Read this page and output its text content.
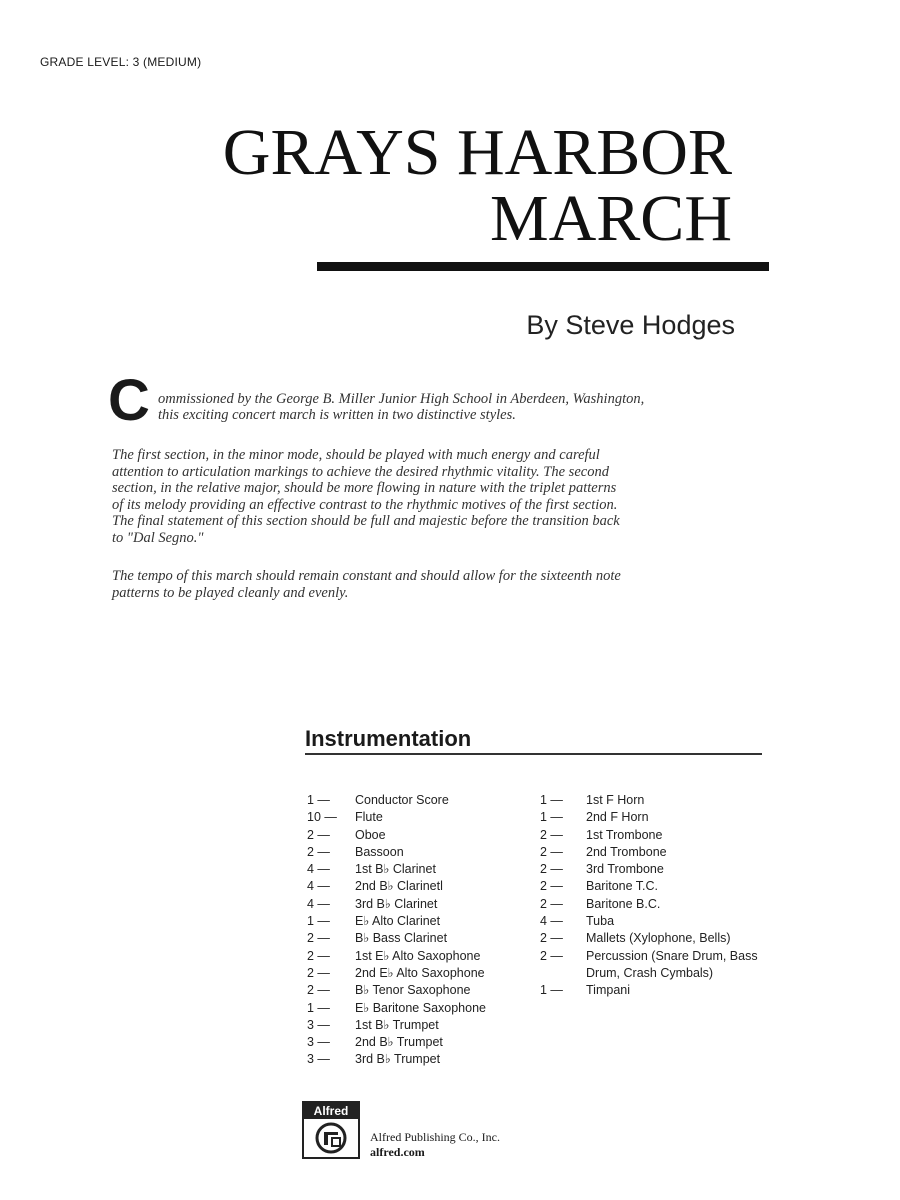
GRADE LEVEL: 3 (MEDIUM)
GRAYS HARBOR
MARCH
By Steve Hodges
C ommissioned by the George B. Miller Junior High School in Aberdeen, Washington,
this exciting concert march is written in two distinctive styles.
The first section, in the minor mode, should be played with much energy and careful
attention to articulation markings to achieve the desired rhythmic vitality. The second
section, in the relative major, should be more flowing in nature with the triplet patterns
of its melody providing an effective contrast to the rhythmic motives of the first section.
The final statement of this section should be full and majestic before the transition back
to "Dal Segno."
The tempo of this march should remain constant and should allow for the sixteenth note
patterns to be played cleanly and evenly.
Instrumentation
1 —	Conductor Score
10 —	Flute
2 —	Oboe
2 —	Bassoon
4 —	1st B♭ Clarinet
4 —	2nd B♭ Clarinetl
4 —	3rd B♭ Clarinet
1 —	E♭ Alto Clarinet
2 —	B♭ Bass Clarinet
2 —	1st E♭ Alto Saxophone
2 —	2nd E♭ Alto Saxophone
2 —	B♭ Tenor Saxophone
1 —	E♭ Baritone Saxophone
3 —	1st B♭ Trumpet
3 —	2nd B♭ Trumpet
3 —	3rd B♭ Trumpet
1 —	1st F Horn
1 —	2nd F Horn
2 —	1st Trombone
2 —	2nd Trombone
2 —	3rd Trombone
2 —	Baritone T.C.
2 —	Baritone B.C.
4 —	Tuba
2 —	Mallets (Xylophone, Bells)
2 —	Percussion (Snare Drum, Bass Drum, Crash Cymbals)
1 —	Timpani
Alfred
Alfred Publishing Co., Inc.
alfred.com
